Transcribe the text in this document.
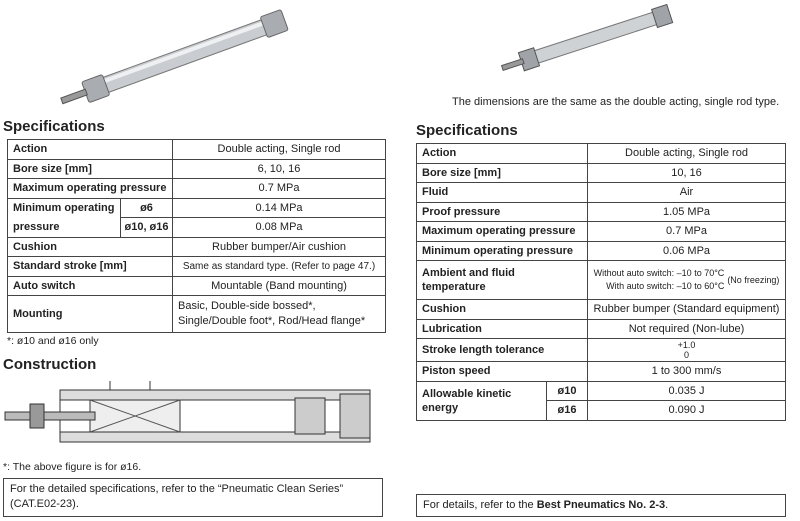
The dimensions are the same as the double acting, single rod type.
Specifications
Action		Double acting, Single rod
Bore size [mm]		6, 10, 16
Maximum operating pressure		0.7 MPa
Minimum operating
pressure	ø6	0.14 MPa
	ø10, ø16	0.08 MPa
Cushion		Rubber bumper/Air cushion
Standard stroke [mm]		Same as standard type. (Refer to page 47.)
Auto switch		Mountable (Band mounting)
Mounting		Basic, Double-side bossed*,
Single/Double foot*, Rod/Head flange*
*: ø10 and ø16 only
Construction
*: The above figure is for ø16.
For the detailed specifications, refer to the “Pneumatic Clean Series” (CAT.E02-23).
Specifications
Action		Double acting, Single rod
Bore size [mm]		10, 16
Fluid		Air
Proof pressure		1.05 MPa
Maximum operating pressure		0.7 MPa
Minimum operating pressure		0.06 MPa
Ambient and fluid temperature		Without auto switch: –10 to 70°C
With auto switch: –10 to 60°C
(No freezing)

Cushion		Rubber bumper (Standard equipment)
Lubrication		Not required (Non-lube)
Stroke length tolerance		+1.0
0

Piston speed		1 to 300 mm/s
Allowable kinetic energy	ø10	0.035 J
	ø16	0.090 J
For details, refer to the Best Pneumatics No. 2-3.
